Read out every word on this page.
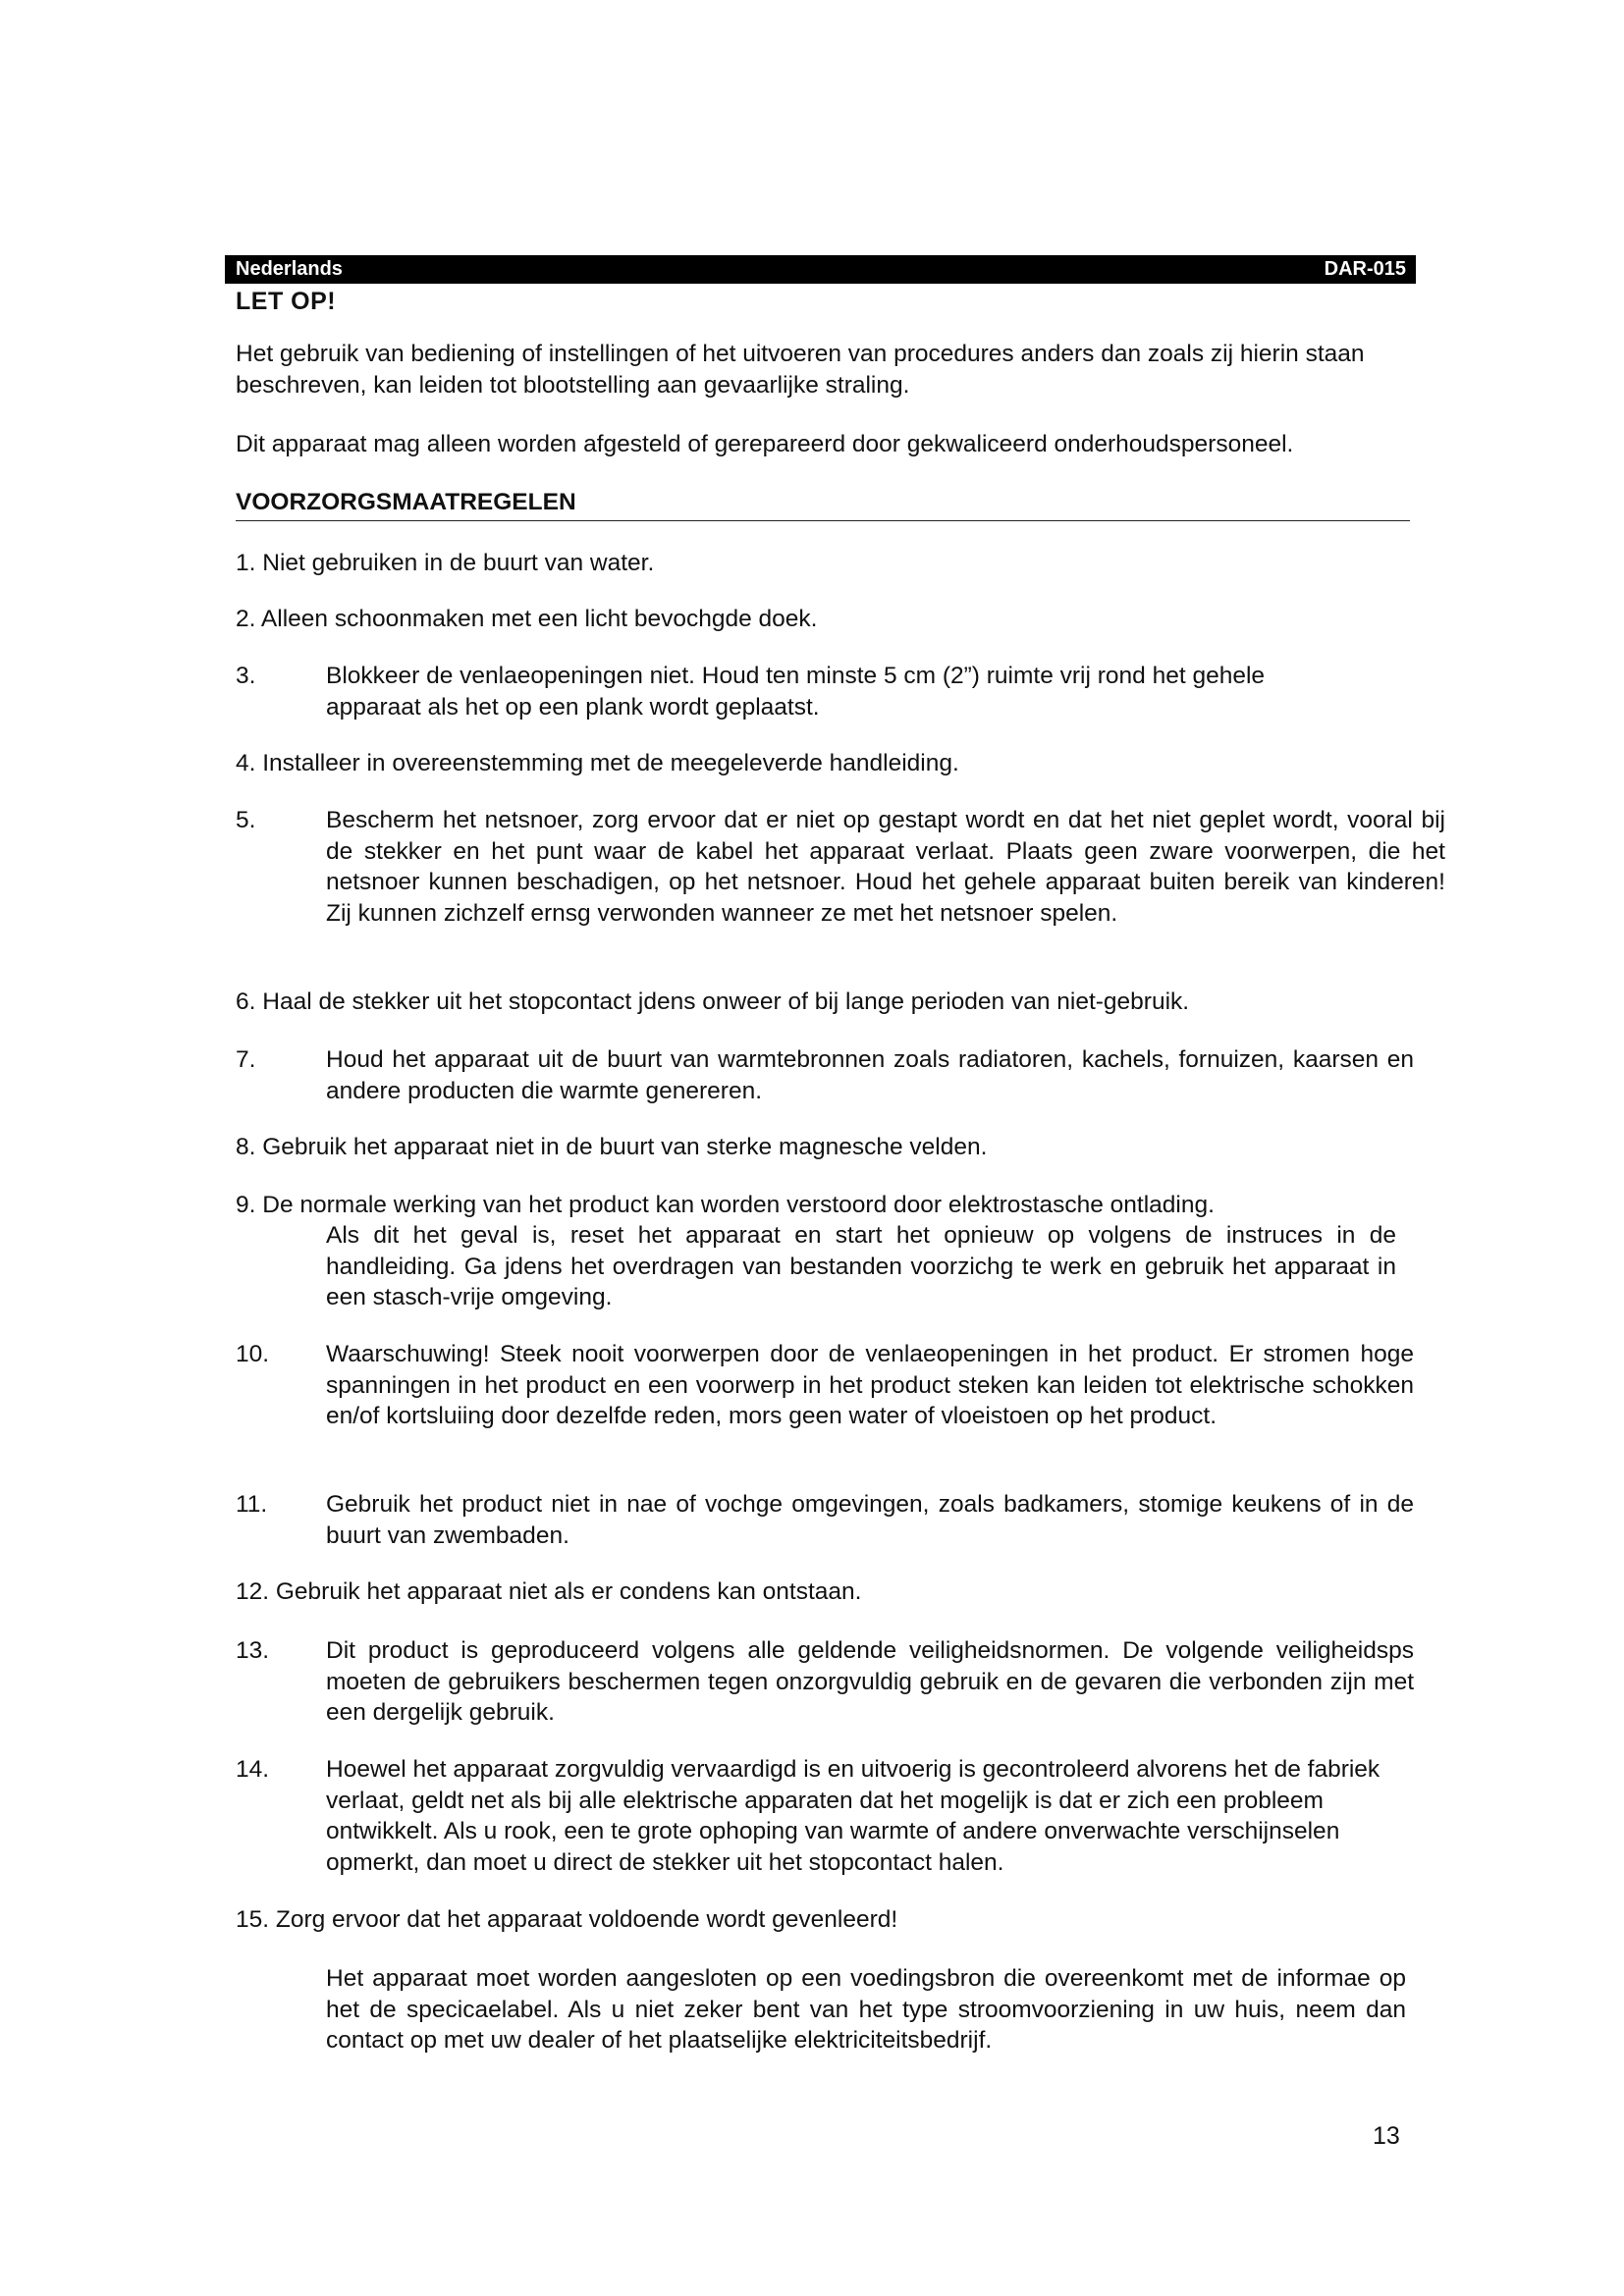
Nederlands	DAR-015
LET OP!

Het gebruik van bediening of instellingen of het uitvoeren van procedures anders dan zoals zij hierin staan beschreven, kan leiden tot blootstelling aan gevaarlijke straling.

Dit apparaat mag alleen worden afgesteld of gerepareerd door gekwaliceerd onderhoudspersoneel.

VOORZORGSMAATREGELEN
1. Niet gebruiken in de buurt van water.
2. Alleen schoonmaken met een licht bevochgde doek.
3.	Blokkeer de venlaeopeningen niet. Houd ten minste 5 cm (2”) ruimte vrij rond het gehele apparaat als het op een plank wordt geplaatst.
4. Installeer in overeenstemming met de meegeleverde handleiding.
5.	Bescherm het netsnoer, zorg ervoor dat er niet op gestapt wordt en dat het niet geplet wordt, vooral bij de stekker en het punt waar de kabel het apparaat verlaat. Plaats geen zware voorwerpen, die het netsnoer kunnen beschadigen, op het netsnoer. Houd het gehele apparaat buiten bereik van kinderen! Zij kunnen zichzelf ernsg verwonden wanneer ze met het netsnoer spelen.
6. Haal de stekker uit het stopcontact jdens onweer of bij lange perioden van niet-gebruik.
7.	Houd het apparaat uit de buurt van warmtebronnen zoals radiatoren, kachels, fornuizen, kaarsen en andere producten die warmte genereren.
8. Gebruik het apparaat niet in de buurt van sterke magnesche velden.
9. De normale werking van het product kan worden verstoord door elektrostasche ontlading.
Als dit het geval is, reset het apparaat en start het opnieuw op volgens de instruces in de handleiding. Ga jdens het overdragen van bestanden voorzichg te werk en gebruik het apparaat in een stasch-vrije omgeving.
10. Waarschuwing! Steek nooit voorwerpen door de venlaeopeningen in het product. Er stromen hoge spanningen in het product en een voorwerp in het product steken kan leiden tot elektrische schokken en/of kortsluiing door dezelfde reden, mors geen water of vloeistoen op het product.
11. Gebruik het product niet in nae of vochge omgevingen, zoals badkamers, stomige keukens of in de buurt van zwembaden.
12. Gebruik het apparaat niet als er condens kan ontstaan.
13. Dit product is geproduceerd volgens alle geldende veiligheidsnormen. De volgende veiligheidsps moeten de gebruikers beschermen tegen onzorgvuldig gebruik en de gevaren die verbonden zijn met een dergelijk gebruik.
14. Hoewel het apparaat zorgvuldig vervaardigd is en uitvoerig is gecontroleerd alvorens het de fabriek verlaat, geldt net als bij alle elektrische apparaten dat het mogelijk is dat er zich een probleem ontwikkelt. Als u rook, een te grote ophoping van warmte of andere onverwachte verschijnselen opmerkt, dan moet u direct de stekker uit het stopcontact halen.
15. Zorg ervoor dat het apparaat voldoende wordt gevenleerd!
Het apparaat moet worden aangesloten op een voedingsbron die overeenkomt met de informae op het de specicaelabel. Als u niet zeker bent van het type stroomvoorziening in uw huis, neem dan contact op met uw dealer of het plaatselijke elektriciteitsbedrijf.
13
